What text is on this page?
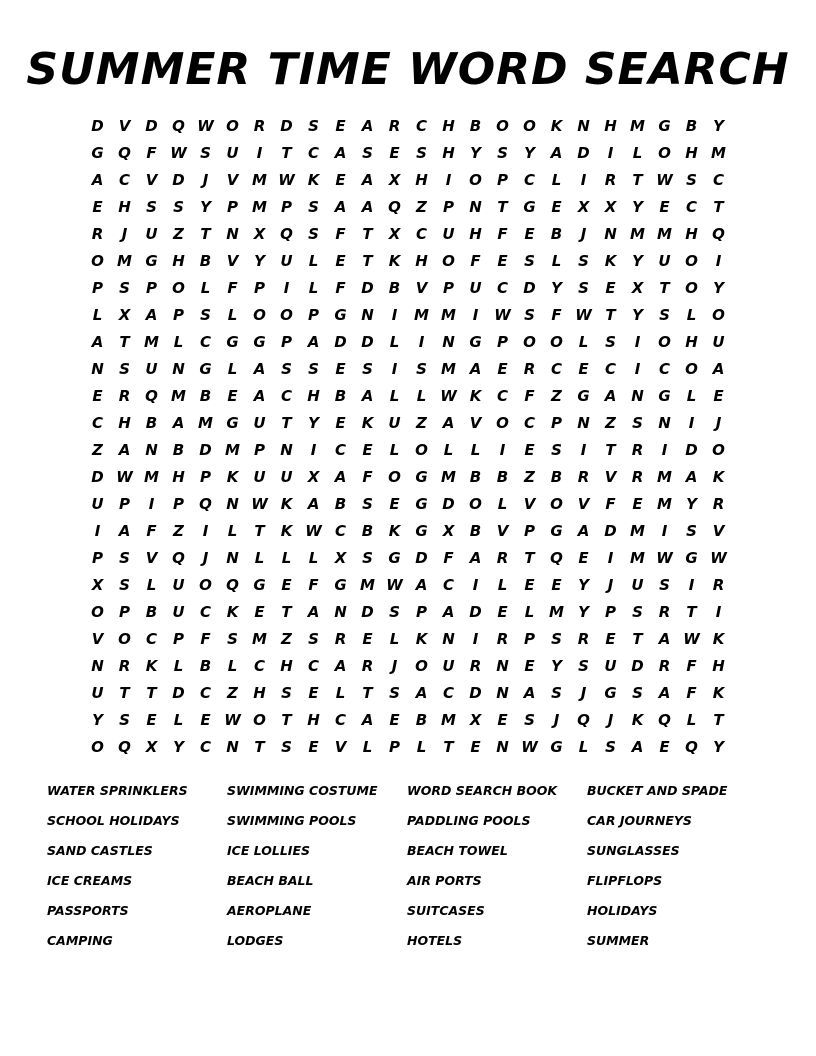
SUMMER TIME WORD SEARCH
D V D Q W O R D	S	E	A	R	C	H	B O O K N H M G	B	Y
G Q	F W S	U	I	T	C	A	S	E	S	H	Y	S	Y	A D	I	L	O H M
A	C	V D	J	V M W K	E	A	X H	I	O	P	C	L	I	R	T W S	C
E	H	S	S	Y	P M P	S	A	A Q	Z	P	N	T	G	E	X	X	Y	E	C	T
R	J	U	Z	T	N X Q	S	F	T	X	C	U H	F	E	B	J	N M M H Q
O M G H	B	V	Y	U	L	E	T	K H O	F	E	S	L	S	K	Y	U O	I
P	S	P	O	L	F	P	I	L	F	D	B	V	P	U	C	D	Y	S	E	X	T	O	Y
L	X	A	P	S	L	O O	P	G N	I	M M	I	W S	F W T	Y	S	L	O
A	T M L	C	G G	P	A D D	L	I	N G	P	O O	L	S	I	O H U
N	S	U N G	L	A	S	S	E	S	I	S M A	E	R	C	E	C	I	C	O A
E	R Q M B	E	A	C	H	B	A	L	L W K	C	F	Z	G	A N G	L	E
C	H	B	A M G U	T	Y	E	K	U	Z	A	V O	C	P	N	Z	S	N	I	J
Z	A N	B	D M P	N	I	C	E	L	O	L	L	I	E	S	I	T	R	I	D O
D W M H	P	K	U U	X	A	F	O G M B	B	Z	B	R	V	R M A	K
U	P	I	P	Q N W K	A	B	S	E	G D O	L	V O V	F	E M Y	R
I	A	F	Z	I	L	T	K W C	B	K	G	X	B	V	P	G	A D M	I	S	V
P	S	V Q	J	N	L	L	L	X	S	G D	F	A	R	T	Q	E	I	M W G W
X	S	L	U O Q G	E	F	G M W A	C	I	L	E	E	Y	J	U	S	I	R
O	P	B	U	C	K	E	T	A N D	S	P	A D	E	L M Y	P	S	R	T	I
V O	C	P	F	S M Z	S	R	E	L	K N	I	R	P	S	R	E	T	A W K
N R	K	L	B	L	C	H	C	A	R	J	O U	R N	E	Y	S	U D	R	F	H
U	T	T	D	C	Z	H	S	E	L	T	S	A	C	D N A	S	J	G	S	A	F	K
Y	S	E	L	E W O	T	H	C	A	E	B M X	E	S	J	Q	J	K Q	L	T
O Q X	Y	C	N	T	S	E	V	L	P	L	T	E	N W G	L	S	A	E	Q	Y
WATER SPRINKLERS	SWIMMING COSTUME	WORD SEARCH BOOK	BUCKET AND SPADE
SCHOOL HOLIDAYS	SWIMMING POOLS	PADDLING POOLS	CAR JOURNEYS
SAND CASTLES	ICE LOLLIES	BEACH TOWEL	SUNGLASSES
ICE CREAMS	BEACH BALL	AIR PORTS	FLIPFLOPS
PASSPORTS	AEROPLANE	SUITCASES	HOLIDAYS
CAMPING	LODGES	HOTELS	SUMMER
